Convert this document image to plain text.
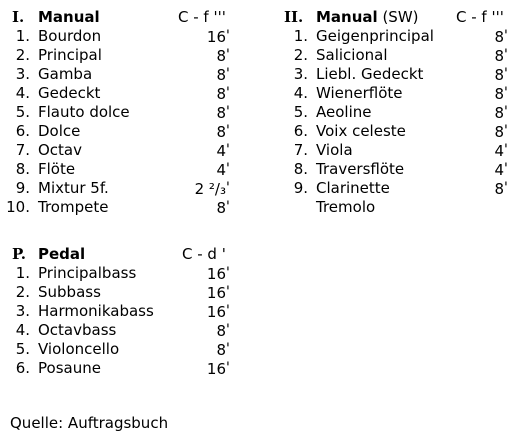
I. Manual	C - f '''
1. Bourdon	16'
2. Principal	8'
3. Gamba	8'
4. Gedeckt	8'
5. Flauto dolce	8'
6. Dolce	8'
7. Octav	4'
8. Flöte	4'
9. Mixtur 5f.	2 ²/₃'
10. Trompete	8'
II. Manual (SW)	C - f '''
1. Geigenprincipal	8'
2. Salicional	8'
3. Liebl. Gedeckt	8'
4. Wienerflöte	8'
5. Aeoline	8'
6. Voix celeste	8'
7. Viola	4'
8. Traversflöte	4'
9. Clarinette	8'
Tremolo
P. Pedal	C - d '
1. Principalbass	16'
2. Subbass	16'
3. Harmonikabass	16'
4. Octavbass	8'
5. Violoncello	8'
6. Posaune	16'
Quelle: Auftragsbuch
